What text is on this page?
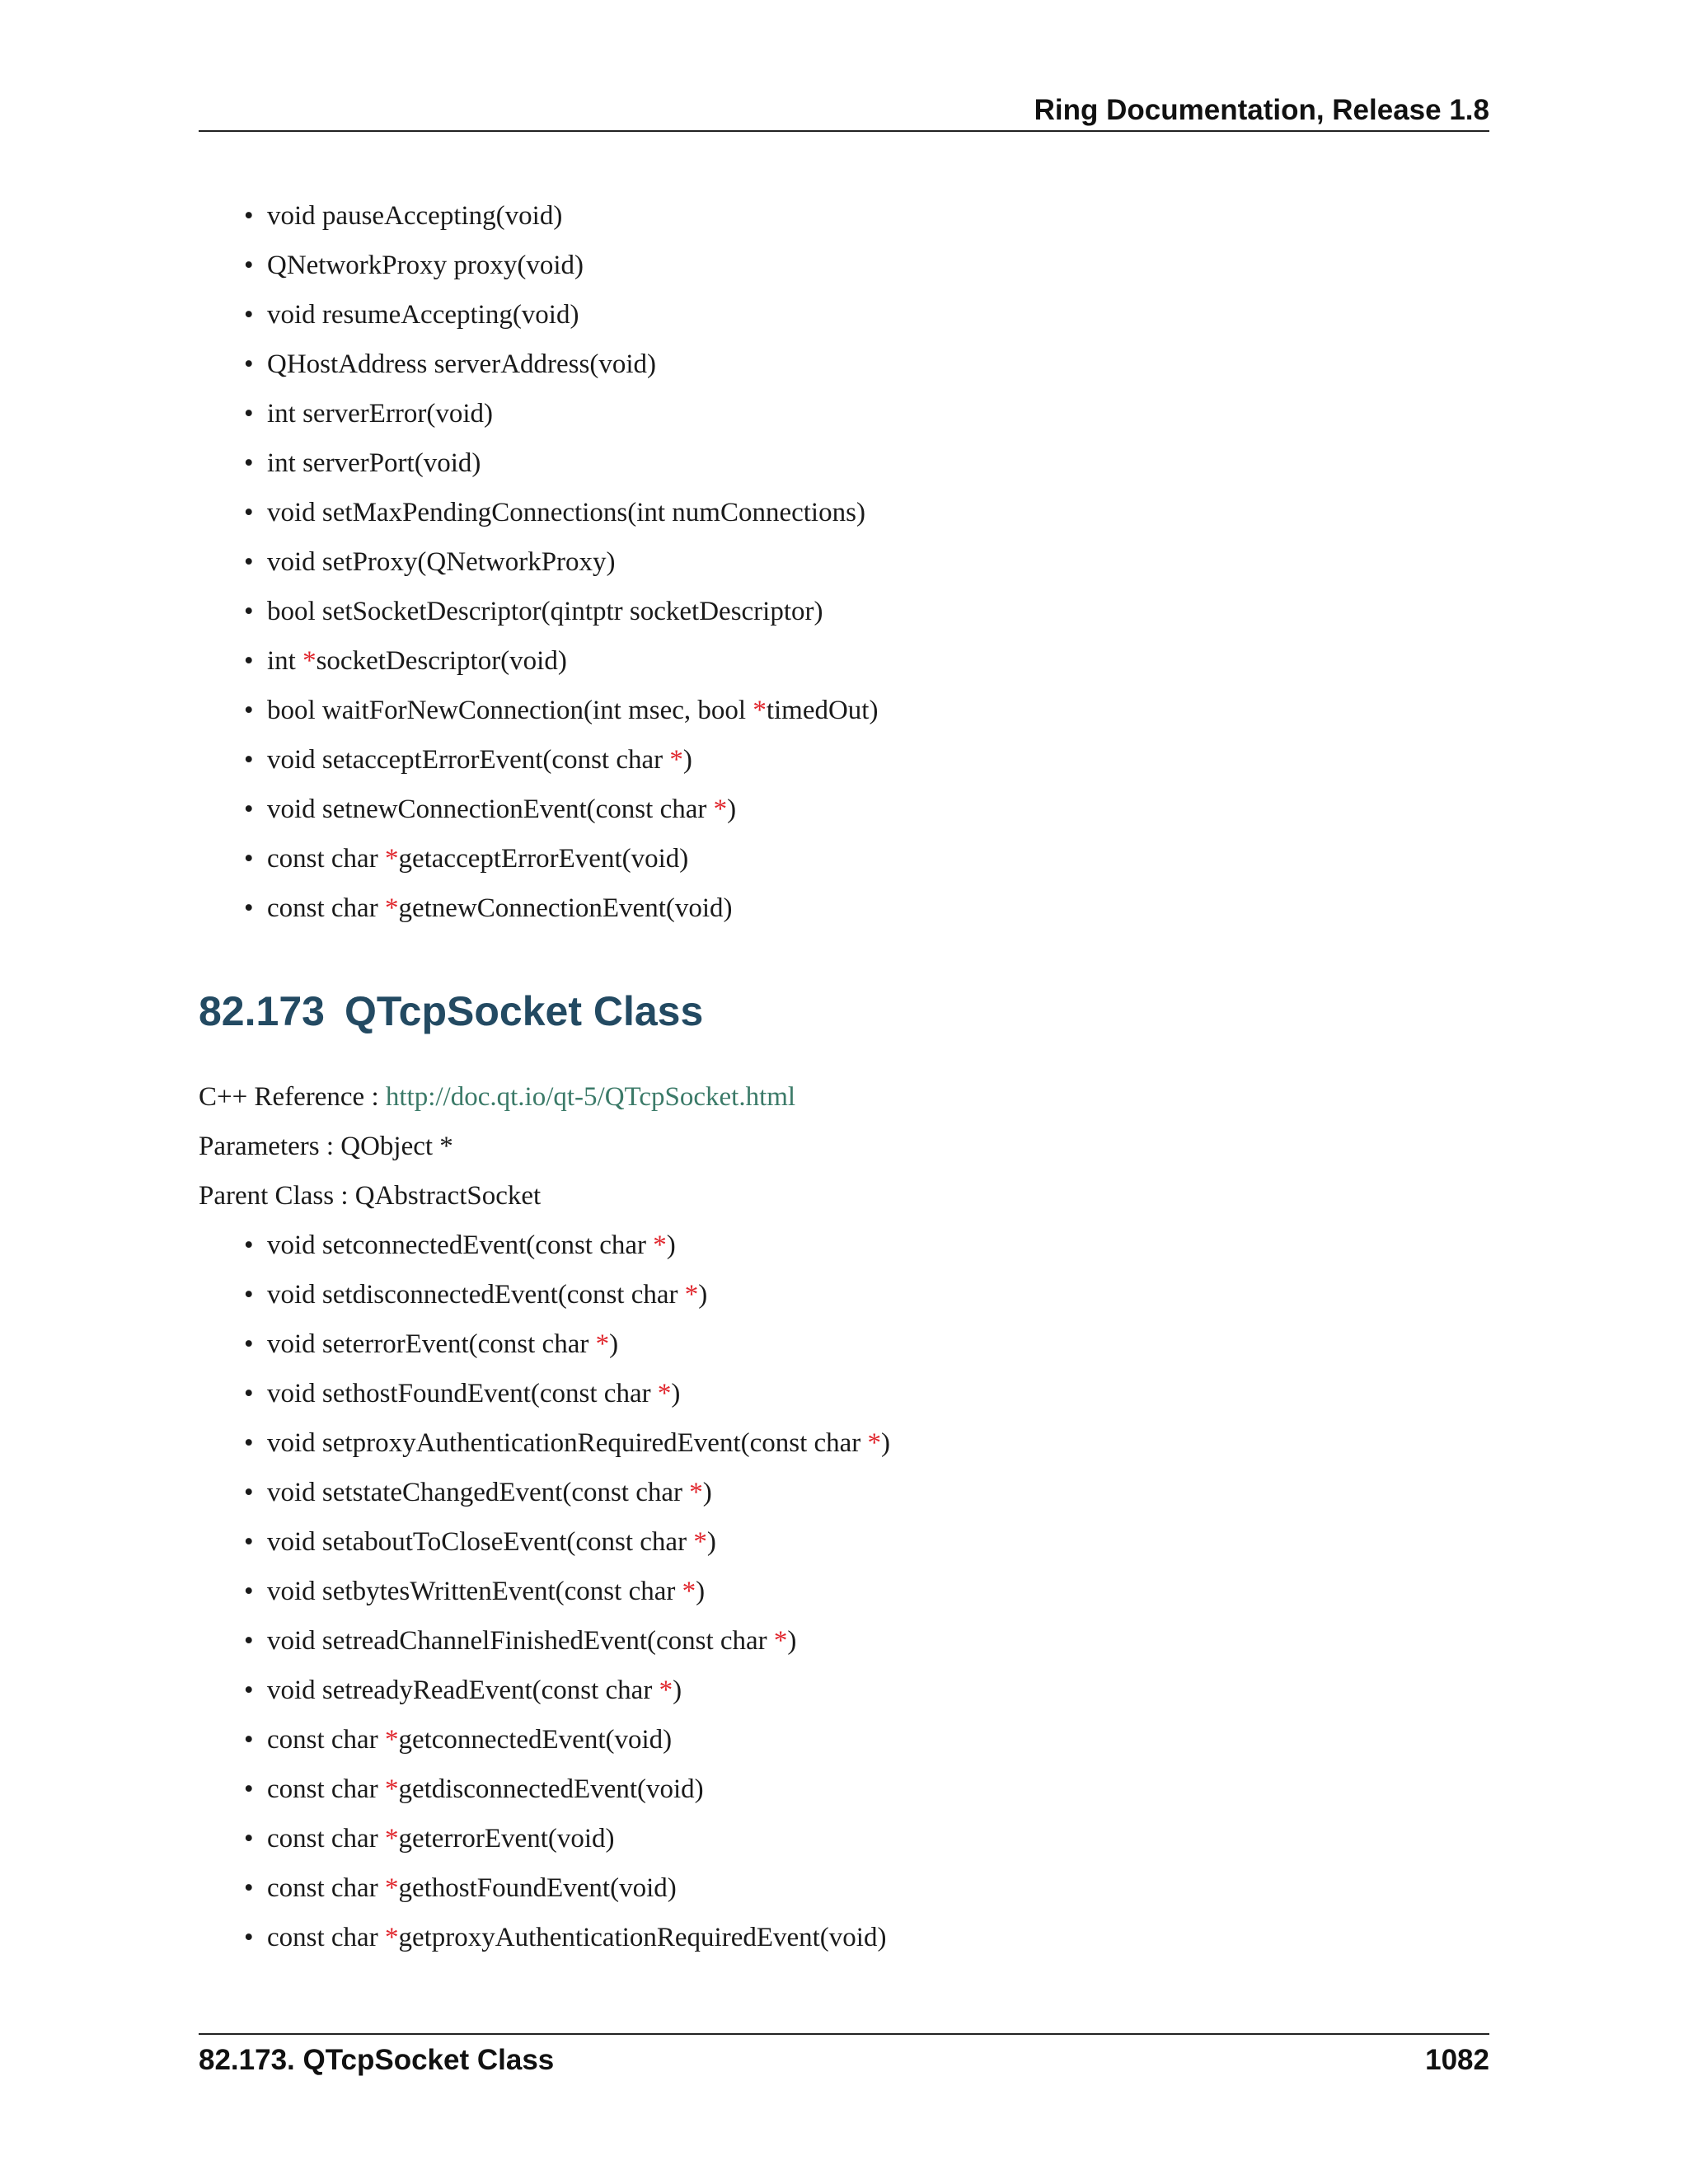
Ring Documentation, Release 1.8
• void pauseAccepting(void)
• QNetworkProxy proxy(void)
• void resumeAccepting(void)
• QHostAddress serverAddress(void)
• int serverError(void)
• int serverPort(void)
• void setMaxPendingConnections(int numConnections)
• void setProxy(QNetworkProxy)
• bool setSocketDescriptor(qintptr socketDescriptor)
• int *socketDescriptor(void)
• bool waitForNewConnection(int msec, bool *timedOut)
• void setacceptErrorEvent(const char *)
• void setnewConnectionEvent(const char *)
• const char *getacceptErrorEvent(void)
• const char *getnewConnectionEvent(void)
82.173 QTcpSocket Class
C++ Reference : http://doc.qt.io/qt-5/QTcpSocket.html
Parameters : QObject *
Parent Class : QAbstractSocket
• void setconnectedEvent(const char *)
• void setdisconnectedEvent(const char *)
• void seterrorEvent(const char *)
• void sethostFoundEvent(const char *)
• void setproxyAuthenticationRequiredEvent(const char *)
• void setstateChangedEvent(const char *)
• void setaboutToCloseEvent(const char *)
• void setbytesWrittenEvent(const char *)
• void setreadChannelFinishedEvent(const char *)
• void setreadyReadEvent(const char *)
• const char *getconnectedEvent(void)
• const char *getdisconnectedEvent(void)
• const char *geterrorEvent(void)
• const char *gethostFoundEvent(void)
• const char *getproxyAuthenticationRequiredEvent(void)
82.173. QTcpSocket Class	1082
